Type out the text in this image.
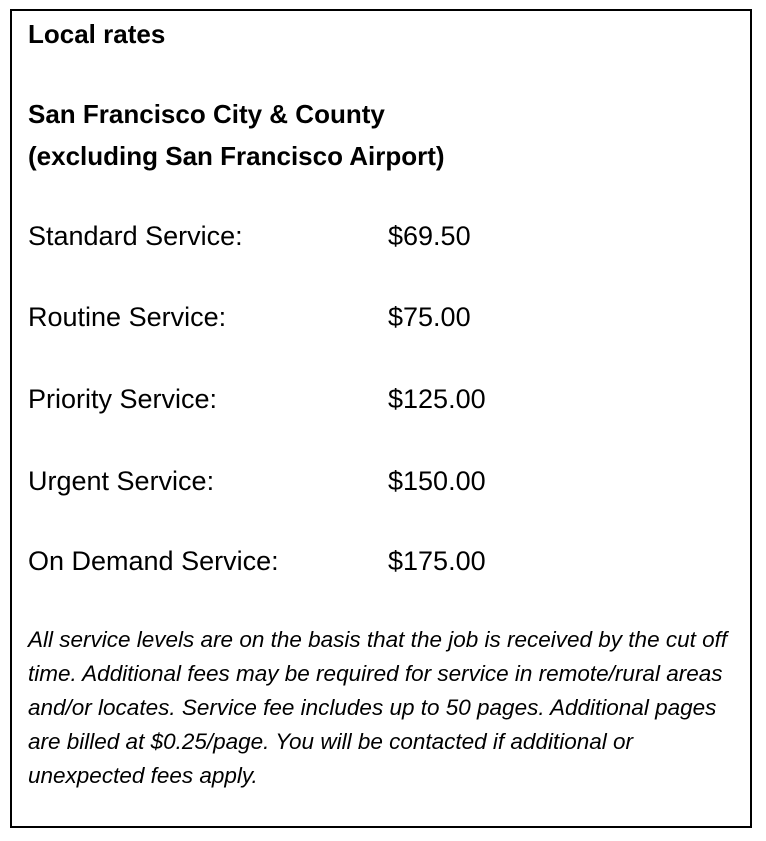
Local rates
San Francisco City & County
(excluding San Francisco Airport)
Standard Service:	$69.50
Routine Service:	$75.00
Priority Service:	$125.00
Urgent Service:	$150.00
On Demand Service:	$175.00

All service levels are on the basis that the job is received by the cut off time. Additional fees may be required for service in remote/rural areas and/or locates. Service fee includes up to 50 pages. Additional pages are billed at $0.25/page. You will be contacted if additional or unexpected fees apply.
